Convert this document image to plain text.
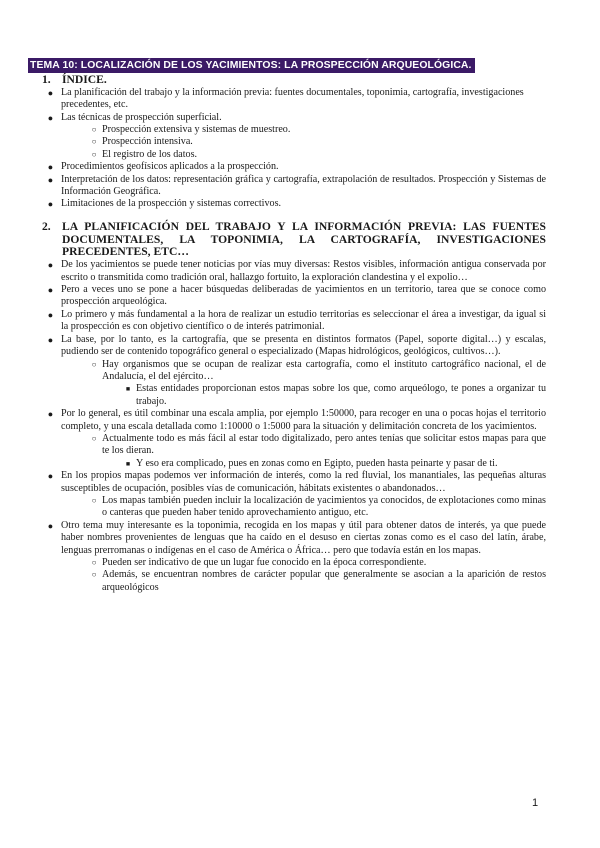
TEMA 10: LOCALIZACIÓN DE LOS YACIMIENTOS: LA PROSPECCIÓN ARQUEOLÓGICA.
1. ÍNDICE.
● La planificación del trabajo y la información previa: fuentes documentales, toponimia, cartografía, investigaciones precedentes, etc.
● Las técnicas de prospección superficial.
○ Prospección extensiva y sistemas de muestreo.
○ Prospección intensiva.
○ El registro de los datos.
● Procedimientos geofísicos aplicados a la prospección.
● Interpretación de los datos: representación gráfica y cartografía, extrapolación de resultados. Prospección y Sistemas de Información Geográfica.
● Limitaciones de la prospección y sistemas correctivos.
2. LA PLANIFICACIÓN DEL TRABAJO Y LA INFORMACIÓN PREVIA: LAS FUENTES DOCUMENTALES, LA TOPONIMIA, LA CARTOGRAFÍA, INVESTIGACIONES PRECEDENTES, ETC…
● De los yacimientos se puede tener noticias por vías muy diversas: Restos visibles, información antigua conservada por escrito o transmitida como tradición oral, hallazgo fortuito, la exploración clandestina y el expolio…
● Pero a veces uno se pone a hacer búsquedas deliberadas de yacimientos en un territorio, tarea que se conoce como prospección arqueológica.
● Lo primero y más fundamental a la hora de realizar un estudio territorias es seleccionar el área a investigar, da igual si la prospección es con objetivo científico o de interés patrimonial.
● La base, por lo tanto, es la cartografía, que se presenta en distintos formatos (Papel, soporte digital…) y escalas, pudiendo ser de contenido topográfico general o especializado (Mapas hidrológicos, geológicos, cultivos…).
○ Hay organismos que se ocupan de realizar esta cartografía, como el instituto cartográfico nacional, el de Andalucía, el del ejército…
■ Estas entidades proporcionan estos mapas sobre los que, como arqueólogo, te pones a organizar tu trabajo.
● Por lo general, es útil combinar una escala amplia, por ejemplo 1:50000, para recoger en una o pocas hojas el territorio completo, y una escala detallada como 1:10000 o 1:5000 para la situación y delimitación concreta de los yacimientos.
○ Actualmente todo es más fácil al estar todo digitalizado, pero antes tenías que solicitar estos mapas para que te los dieran.
■ Y eso era complicado, pues en zonas como en Egipto, pueden hasta peinarte y pasar de ti.
● En los propios mapas podemos ver información de interés, como la red fluvial, los manantiales, las pequeñas alturas susceptibles de ocupación, posibles vías de comunicación, hábitats existentes o abandonados…
○ Los mapas también pueden incluir la localización de yacimientos ya conocidos, de explotaciones como minas o canteras que pueden haber tenido aprovechamiento antiguo, etc.
● Otro tema muy interesante es la toponimia, recogida en los mapas y útil para obtener datos de interés, ya que puede haber nombres provenientes de lenguas que ha caído en el desuso en ciertas zonas como es el caso del latín, árabe, lenguas prerromanas o indígenas en el caso de América o África… pero que todavía están en los mapas.
○ Pueden ser indicativo de que un lugar fue conocido en la época correspondiente.
○ Además, se encuentran nombres de carácter popular que generalmente se asocian a la aparición de restos arqueológicos
1
